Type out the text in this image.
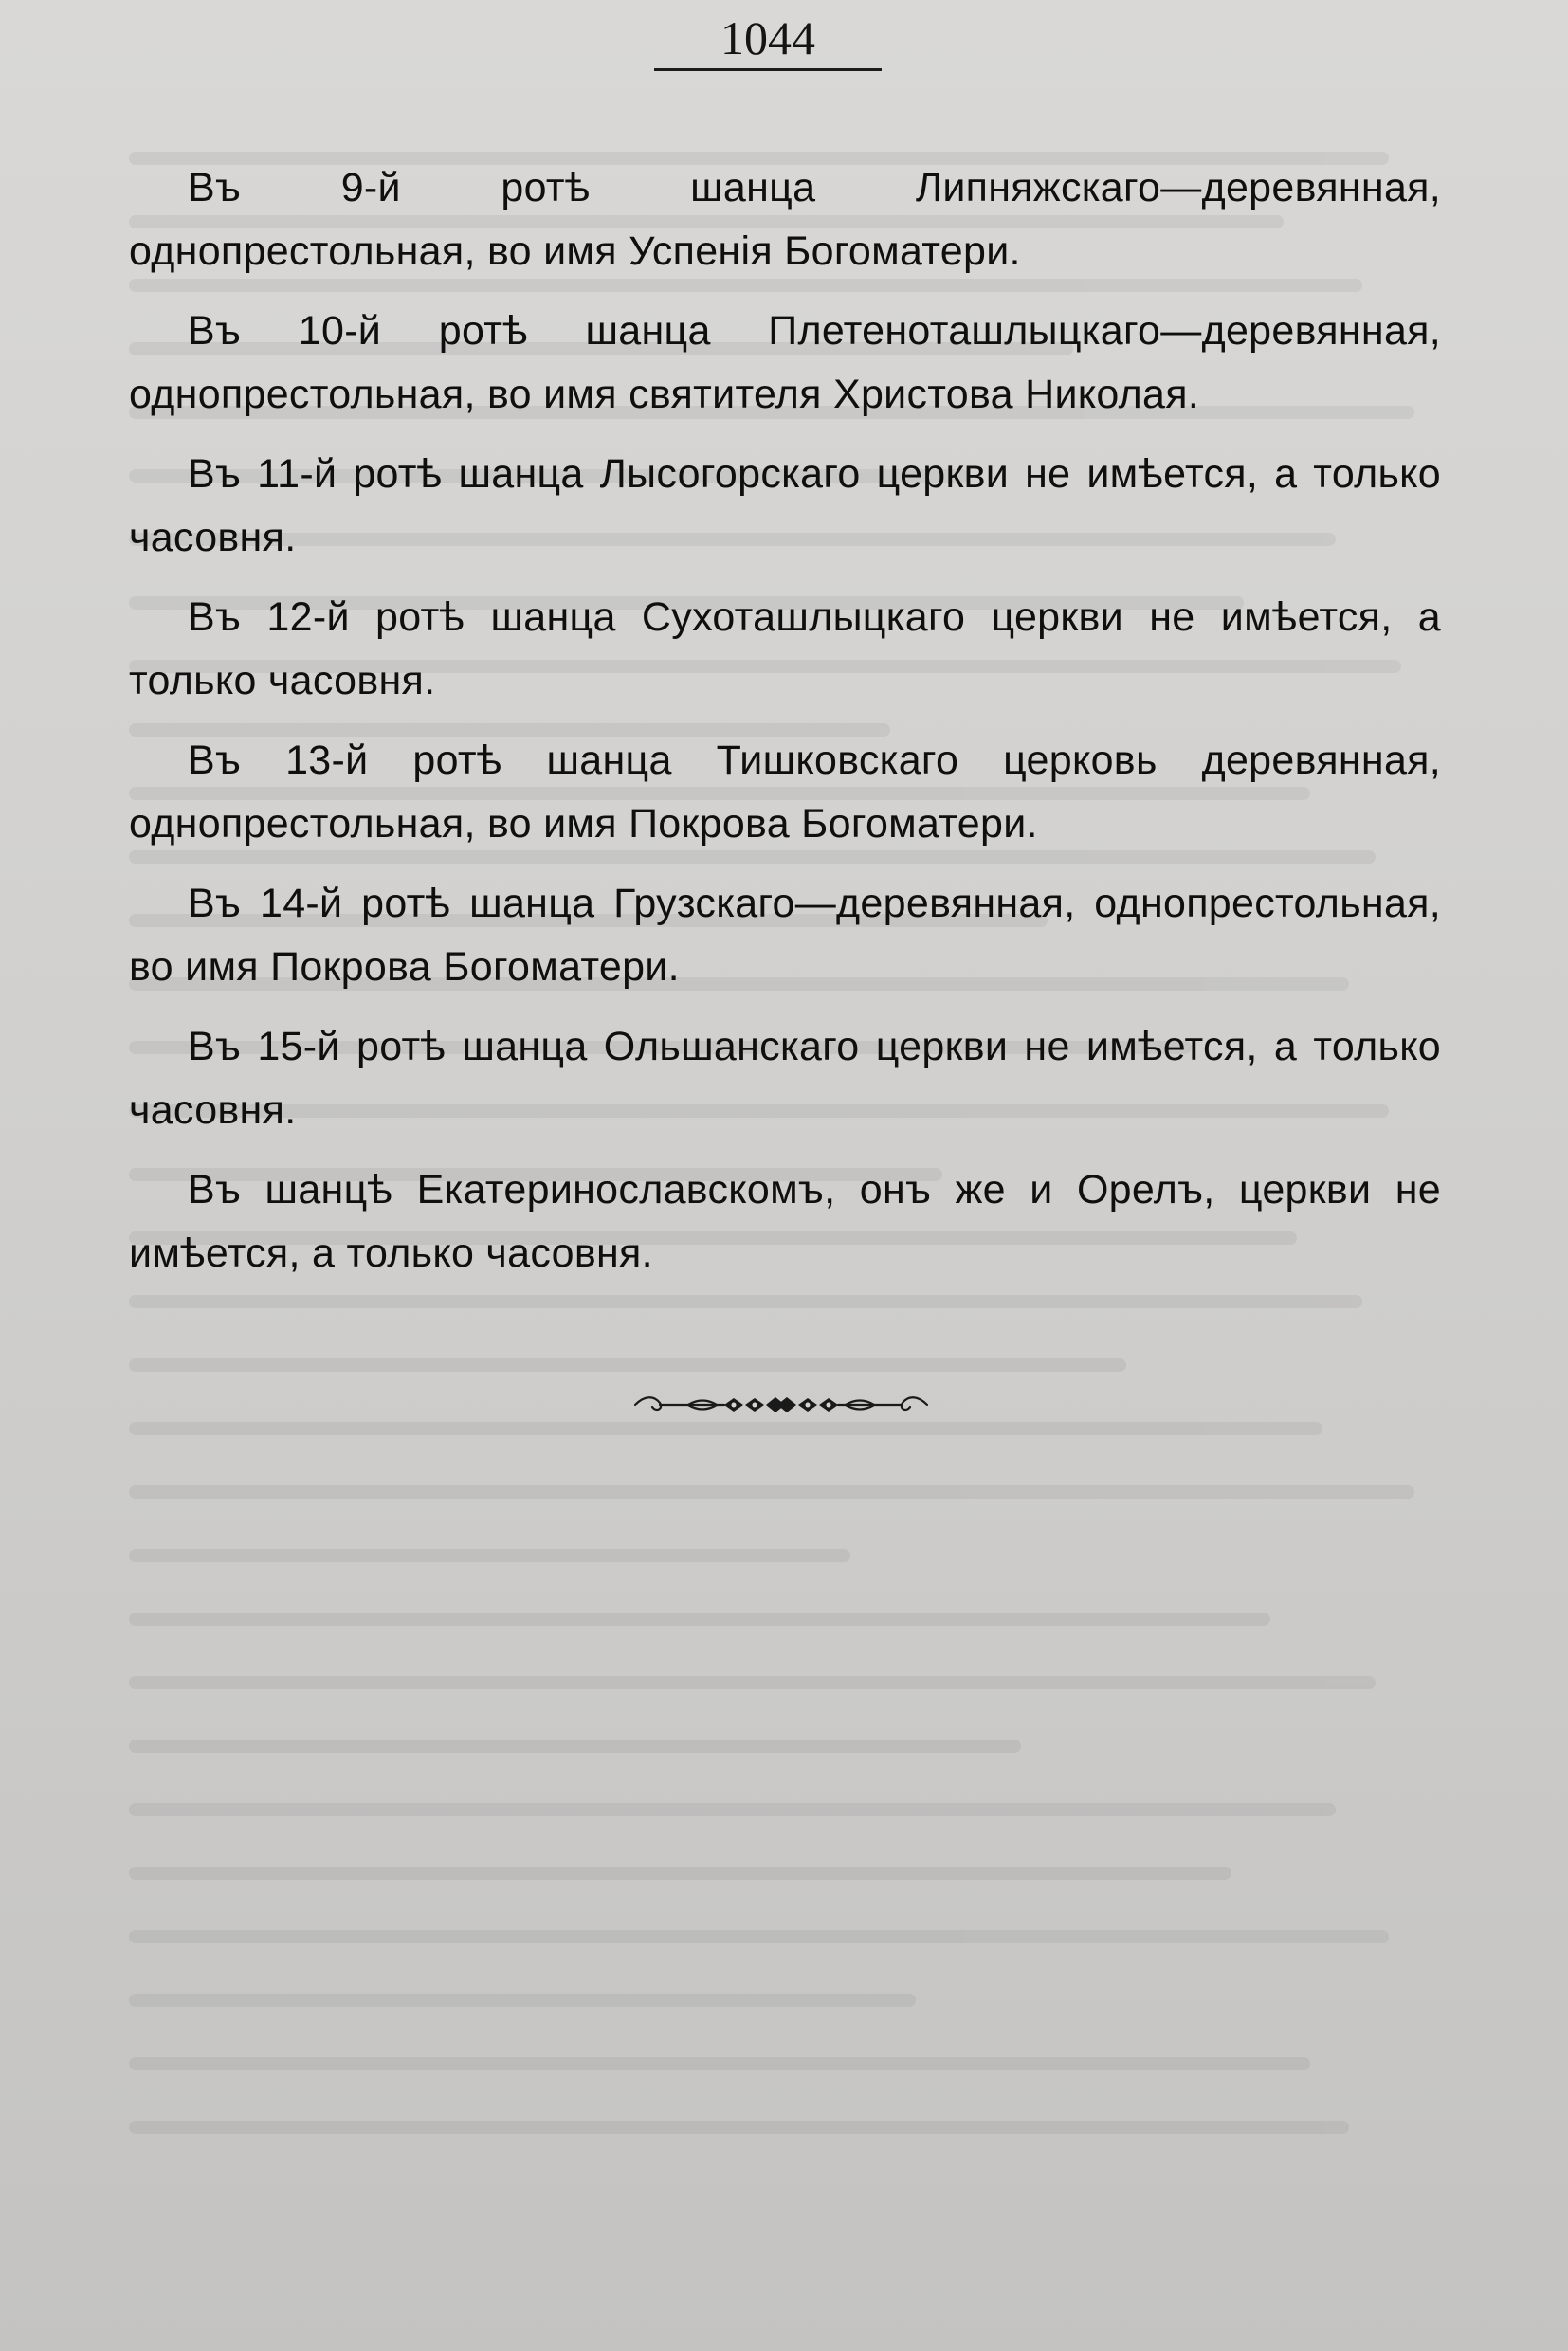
1044

Въ 9-й ротѣ шанца Липняжскаго—деревянная, однопрестольная, во имя Успенія Богоматери.

Въ 10-й ротѣ шанца Плетеноташлыцкаго—деревянная, однопрестольная, во имя святителя Христова Николая.

Въ 11-й ротѣ шанца Лысогорскаго церкви не имѣется, а только часовня.

Въ 12-й ротѣ шанца Сухоташлыцкаго церкви не имѣется, а только часовня.

Въ 13-й ротѣ шанца Тишковскаго церковь деревянная, однопрестольная, во имя Покрова Богоматери.

Въ 14-й ротѣ шанца Грузскаго—деревянная, однопрестольная, во имя Покрова Богоматери.

Въ 15-й ротѣ шанца Ольшанскаго церкви не имѣется, а только часовня.

Въ шанцѣ Екатеринославскомъ, онъ же и Орелъ, церкви не имѣется, а только часовня.
